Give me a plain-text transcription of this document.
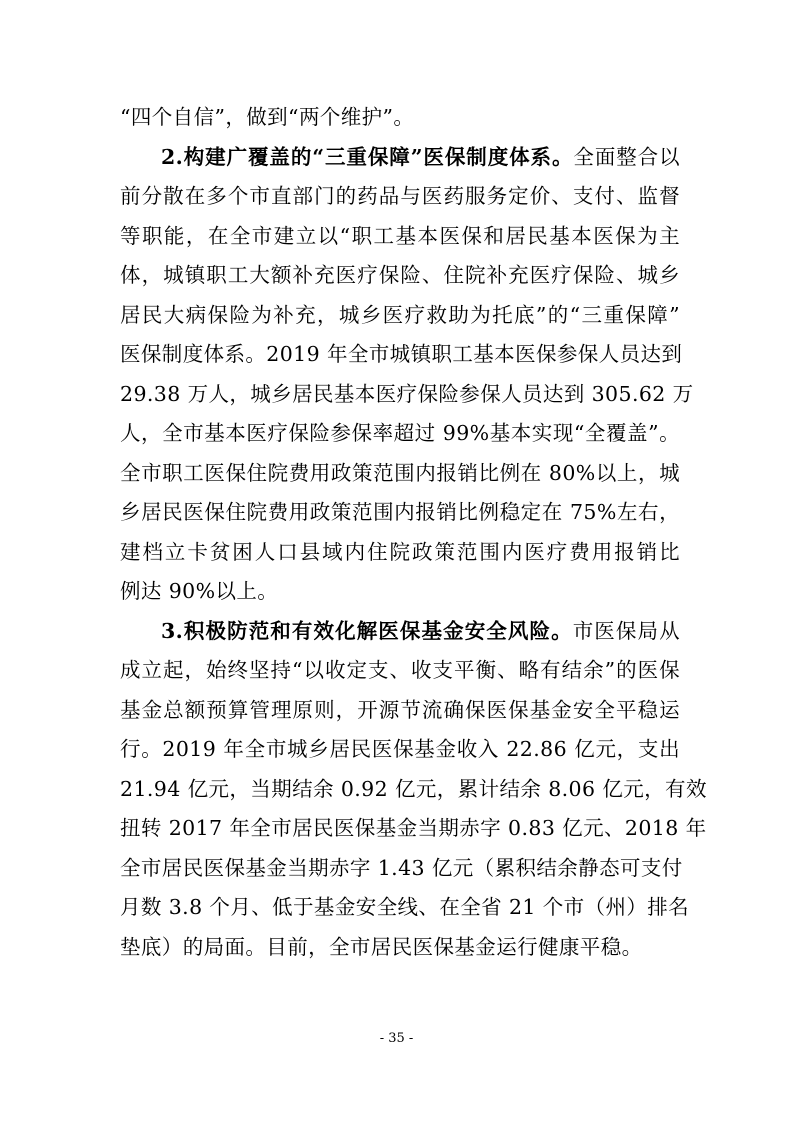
“四个自信”，做到“两个维护”。
2.构建广覆盖的“三重保障”医保制度体系。全面整合以
前分散在多个市直部门的药品与医药服务定价、支付、监督
等职能，在全市建立以“职工基本医保和居民基本医保为主
体，城镇职工大额补充医疗保险、住院补充医疗保险、城乡
居民大病保险为补充，城乡医疗救助为托底”的“三重保障”
医保制度体系。2019 年全市城镇职工基本医保参保人员达到
29.38 万人，城乡居民基本医疗保险参保人员达到 305.62 万
人，全市基本医疗保险参保率超过 99%基本实现“全覆盖”。
全市职工医保住院费用政策范围内报销比例在 80%以上，城
乡居民医保住院费用政策范围内报销比例稳定在 75%左右，
建档立卡贫困人口县域内住院政策范围内医疗费用报销比
例达 90%以上。
3.积极防范和有效化解医保基金安全风险。市医保局从
成立起，始终坚持“以收定支、收支平衡、略有结余”的医保
基金总额预算管理原则，开源节流确保医保基金安全平稳运
行。2019 年全市城乡居民医保基金收入 22.86 亿元，支出
21.94 亿元，当期结余 0.92 亿元，累计结余 8.06 亿元，有效
扭转 2017 年全市居民医保基金当期赤字 0.83 亿元、2018 年
全市居民医保基金当期赤字 1.43 亿元（累积结余静态可支付
月数 3.8 个月、低于基金安全线、在全省 21 个市（州）排名
垫底）的局面。目前，全市居民医保基金运行健康平稳。
- 35 -
